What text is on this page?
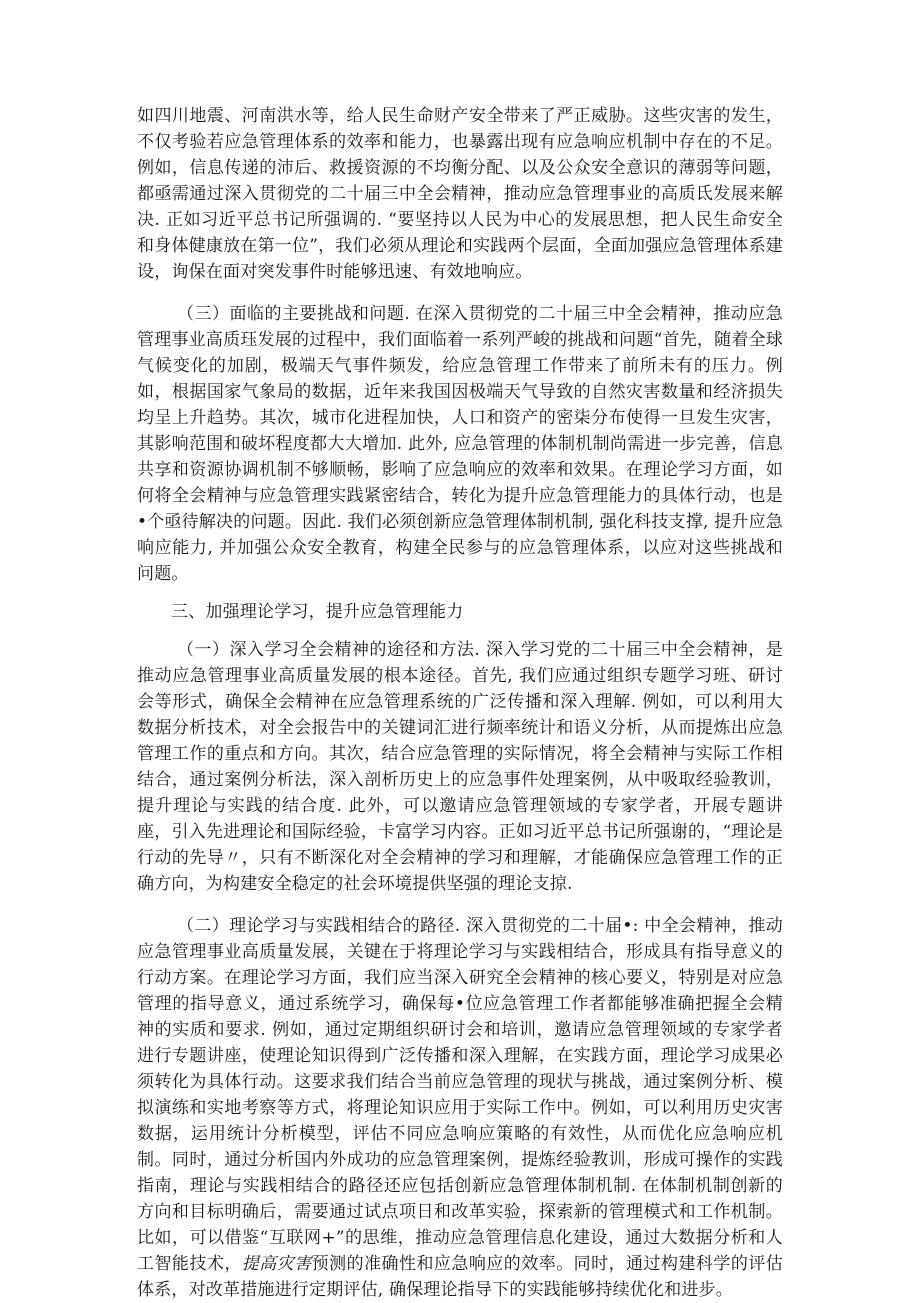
如四川地震、河南洪水等，给人民生命财产安全带来了严正威胁。这些灾害的发生，不仅考验若应急管理体系的效率和能力，也暴露出现有应急响应机制中存在的不足。例如，信息传递的沛后、救援资源的不均衡分配、以及公众安全意识的薄弱等问题，都亟需通过深入贯彻党的二十届三中全会精神，推动应急管理事业的高质氐发展来解决. 正如习近平总书记所强调的. “要坚持以人民为中心的发展思想，把人民生命安全和身体健康放在第一位”，我们必须从理论和实践两个层面，全面加强应急管理体系建设，询保在面对突发事件时能够迅速、有效地响应。

（三）面临的主要挑战和问题. 在深入贯彻党的二十届三中全会精神，推动应急管理事业高质珏发展的过程中，我们面临着一系列严峻的挑战和问题“首先，随着全球气候变化的加剧，极端天气事件频发，给应急管理工作带来了前所未有的压力。例如，根据国家气象局的数据，近年来我国因极端天气导致的自然灾害数量和经济损失均呈上升趋势。其次，城市化进程加快，人口和资产的密柒分布使得一旦发生灾害，其影响范围和破坏程度都大大增加. 此外, 应急管理的体制机制尚需进一步完善，信息共享和资源协调机制不够顺畅，影响了应急响应的效率和效果。在理论学习方面，如何将全会精神与应急管理实践紧密结合，转化为提升应急管理能力的具体行动，也是•个亟待解决的问题。因此. 我们必须创新应急管理体制机制, 强化科技支撑, 提升应急响应能力, 并加强公众安全教育，构建全民参与的应急管理体系，以应对这些挑战和问题。

三、加强理论学习，提升应急管理能力

（一）深入学习全会精神的途径和方法. 深入学习党的二十届三中全会精神，是推动应急管理事业高质量发展的根本途径。首先, 我们应通过组织专题学习班、研讨会等形式，确保全会精神在应急管理系统的广泛传播和深入理解. 例如，可以利用大数据分析技术，对全会报告中的关键词汇进行频率统计和语义分析，从而提炼出应急管理工作的重点和方向。其次，结合应急管理的实际情况，将全会精神与实际工作相结合，通过案例分析法，深入剖析历史上的应急事件处理案例，从中吸取经验教训，提升理论与实践的结合度. 此外，可以邀请应急管理领域的专家学者，开展专题讲座，引入先进理论和国际经验，卡富学习内容。正如习近平总书记所强谢的，“理论是行动的先导〃，只有不断深化对全会精神的学习和理解，才能确保应急管理工作的正确方向，为构建安全稳定的社会环境提供坚强的理论支掠.

（二）理论学习与实践相结合的路径. 深入贯彻党的二十届•: 中全会精神，推动应急管理事业高质量发展，关键在于将理论学习与实践相结合，形成具有指导意义的行动方案。在理论学习方面，我们应当深入研究全会精神的核心要义，特别是对应急管理的指导意义，通过系统学习，确保每•位应急管理工作者都能够准确把握全会精神的实质和要求. 例如，通过定期组织研讨会和培训，邀请应急管理领域的专家学者进行专题讲座，使理论知识得到广泛传播和深入理解，在实践方面，理论学习成果必须转化为具体行动。这要求我们结合当前应急管理的现状与挑战，通过案例分析、模拟演练和实地考察等方式，将理论知识应用于实际工作中。例如，可以利用历史灾害数据，运用统计分析模型，评估不同应急响应策略的有效性，从而优化应急响应机制。同时，通过分析国内外成功的应急管理案例，提炼经验教训，形成可操作的实践指南，理论与实践相结合的路径还应包括创新应急管理体制机制. 在体制机制创新的方向和目标明确后，需要通过试点项日和改革实验，探索新的管理模式和工作机制。比如，可以借鉴“互联网+”的思维，推动应急管理信息化建设，通过大数据分析和人工智能技术，提高灾害预测的准确性和应急响应的效率。同时，通过构建科学的评估体系，对改革措施进行定期评估, 确保理论指导下的实践能够持续优化和进步。
